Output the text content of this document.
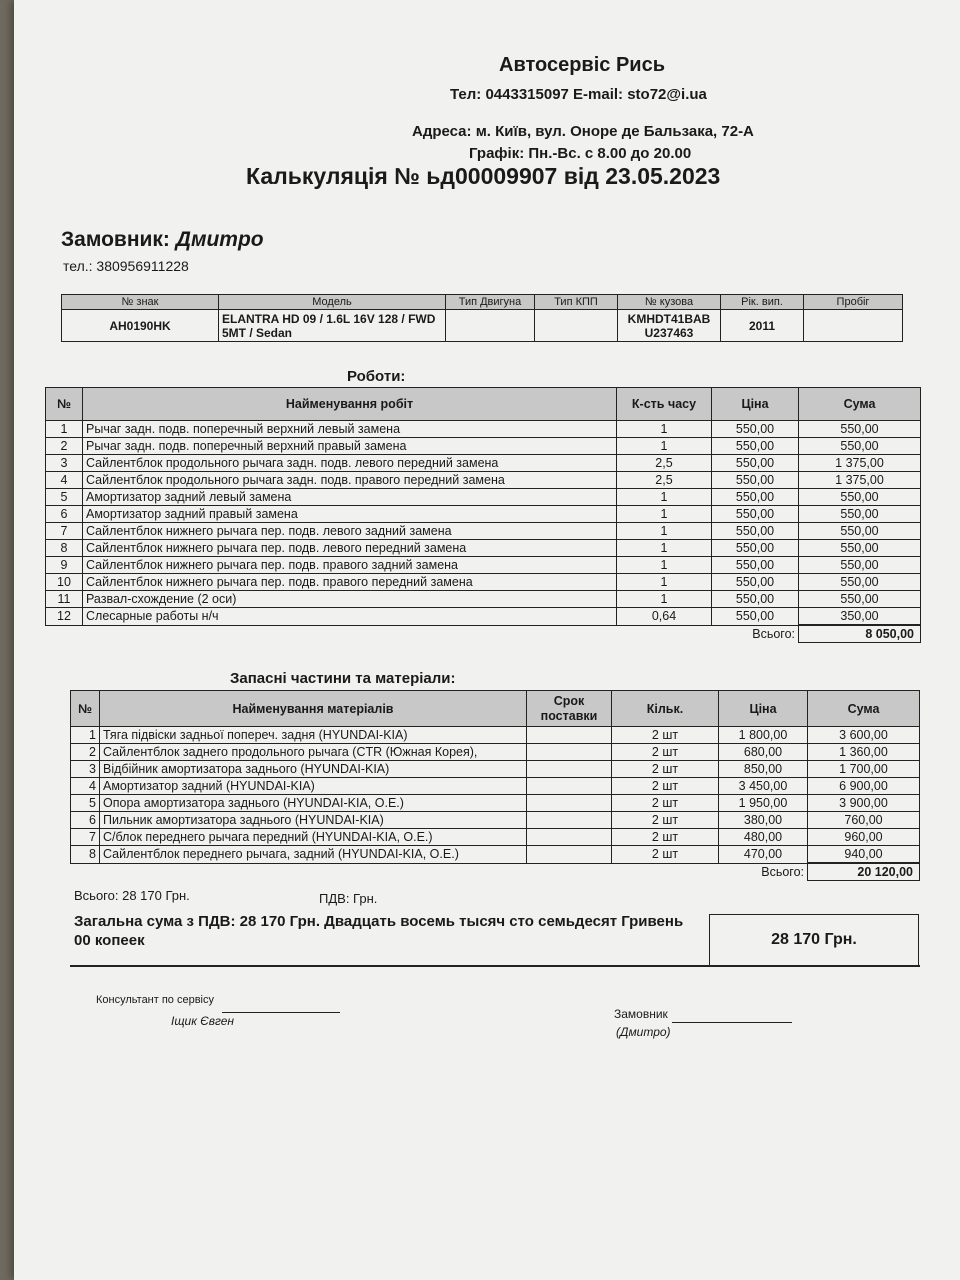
Автосервіс Рись
Тел: 0443315097 E-mail: sto72@i.ua
Адреса: м. Київ, вул. Оноре де Бальзака, 72-А
Графік: Пн.-Вс. с 8.00 до 20.00
Калькуляція № ьд00009907 від 23.05.2023
Замовник: Дмитро
тел.: 380956911228
№ знак	Модель	Тип Двигуна	Тип КПП	№ кузова	Рік. вип.	Пробіг
AH0190HK	ELANTRA HD 09 / 1.6L 16V 128 / FWD 5MT / Sedan			KMHDT41BAB U237463	2011	
Роботи:
№	Найменування робіт	К-сть часу	Ціна	Сума
1	Рычаг задн. подв. поперечный верхний левый замена	1	550,00	550,00
2	Рычаг задн. подв. поперечный верхний правый замена	1	550,00	550,00
3	Сайлентблок продольного рычага задн. подв. левого передний замена	2,5	550,00	1 375,00
4	Сайлентблок продольного рычага задн. подв. правого передний замена	2,5	550,00	1 375,00
5	Амортизатор задний левый замена	1	550,00	550,00
6	Амортизатор задний правый замена	1	550,00	550,00
7	Сайлентблок нижнего рычага пер. подв. левого задний замена	1	550,00	550,00
8	Сайлентблок нижнего рычага пер. подв. левого передний замена	1	550,00	550,00
9	Сайлентблок нижнего рычага пер. подв. правого задний замена	1	550,00	550,00
10	Сайлентблок нижнего рычага пер. подв. правого передний замена	1	550,00	550,00
11	Развал-схождение (2 оси)	1	550,00	550,00
12	Слесарные работы н/ч	0,64	550,00	350,00
			Всього:	8 050,00
Запасні частини та матеріали:
№	Найменування матеріалів	Срок поставки	Кільк.	Ціна	Сума
1	Тяга підвіски задньої попереч. задня (HYUNDAI-KIA)		2 шт	1 800,00	3 600,00
2	Сайлентблок заднего продольного рычага (CTR (Южная Корея),		2 шт	680,00	1 360,00
3	Відбійник амортизатора заднього (HYUNDAI-KIA)		2 шт	850,00	1 700,00
4	Амортизатор задний (HYUNDAI-KIA)		2 шт	3 450,00	6 900,00
5	Опора амортизатора заднього (HYUNDAI-KIA, O.E.)		2 шт	1 950,00	3 900,00
6	Пильник амортизатора заднього (HYUNDAI-KIA)		2 шт	380,00	760,00
7	С/блок переднего рычага передний (HYUNDAI-KIA, O.E.)		2 шт	480,00	960,00
8	Сайлентблок переднего рычага, задний (HYUNDAI-KIA, O.E.)		2 шт	470,00	940,00
				Всього:	20 120,00
Всього: 28 170 Грн.	ПДВ: Грн.
Загальна сума з ПДВ: 28 170 Грн. Двадцать восемь тысяч сто семьдесят Гривень 00 копеек	28 170 Грн.
Консультант по сервісу
Іщик Євген	Замовник
(Дмитро)
